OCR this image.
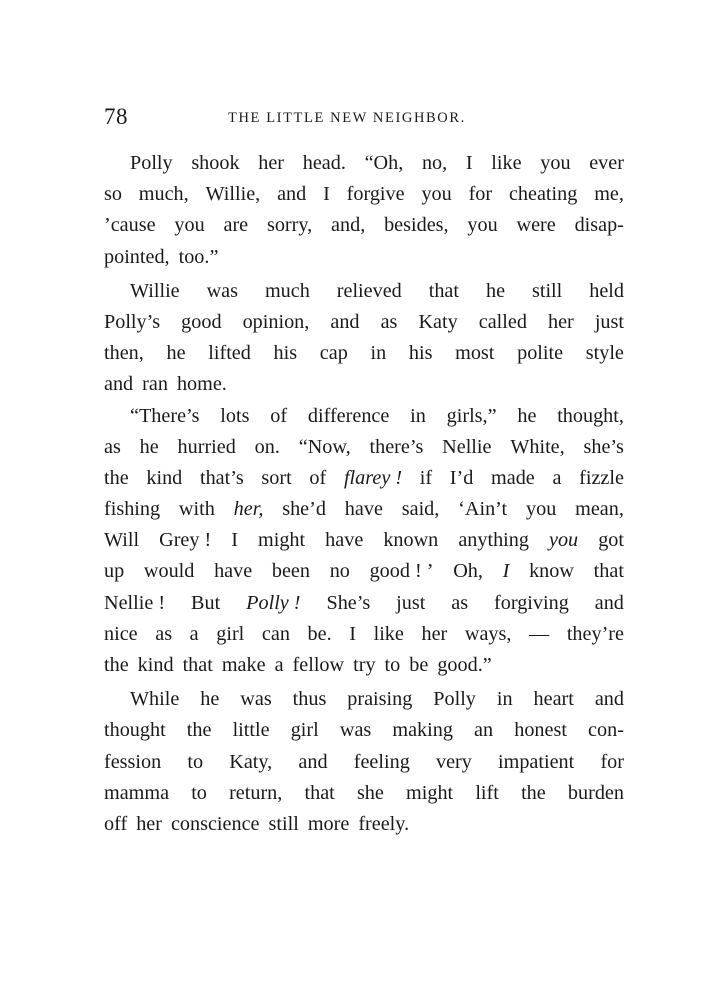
78	THE LITTLE NEW NEIGHBOR.
Polly shook her head. “Oh, no, I like you ever
so much, Willie, and I forgive you for cheating me,
’cause you are sorry, and, besides, you were disap-
pointed, too.”
Willie was much relieved that he still held
Polly’s good opinion, and as Katy called her just
then, he lifted his cap in his most polite style
and ran home.
“There’s lots of difference in girls,” he thought,
as he hurried on. “Now, there’s Nellie White, she’s
the kind that’s sort of flarey ! if I’d made a fizzle
fishing with her, she’d have said, ‘Ain’t you mean,
Will Grey ! I might have known anything you got
up would have been no good ! ’ Oh, I know that
Nellie ! But Polly ! She’s just as forgiving and
nice as a girl can be. I like her ways, — they’re
the kind that make a fellow try to be good.”
While he was thus praising Polly in heart and
thought the little girl was making an honest con-
fession to Katy, and feeling very impatient for
mamma to return, that she might lift the burden
off her conscience still more freely.
